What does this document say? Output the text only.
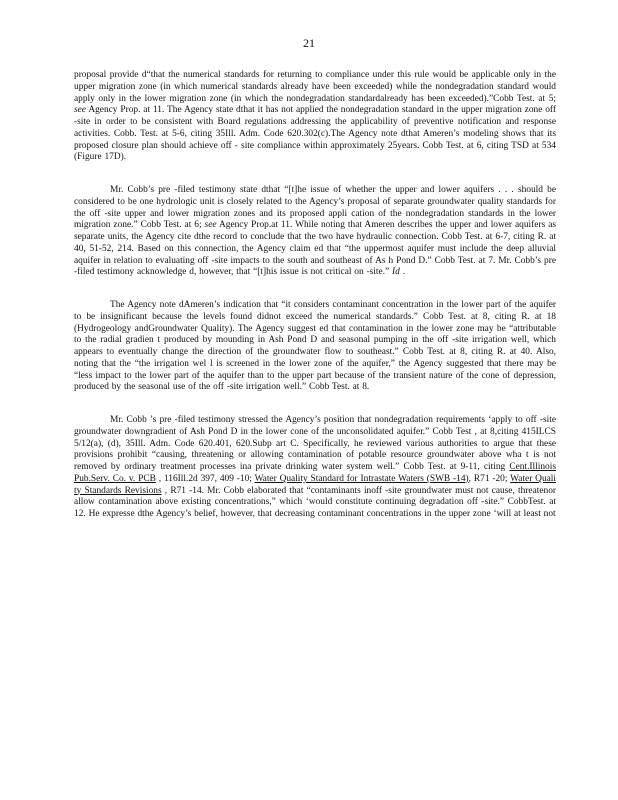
21

proposal provide d“that the numerical standards for returning to compliance under this rule would be applicable only in the upper migration zone (in which numerical standards already have been exceeded) while the nondegradation standard would apply only in the lower migration zone (in which the nondegradation standardalready has been exceeded).”Cobb Test. at 5; see Agency Prop. at 11. The Agency state dthat it has not applied the nondegradation standard in the upper migration zone off -site in order to be consistent with Board regulations addressing the applicability of preventive notification and response activities. Cobb. Test. at 5-6, citing 35Ill. Adm. Code 620.302(c).The Agency note dthat Ameren’s modeling shows that its proposed closure plan should achieve off - site compliance within approximately 25years. Cobb Test. at 6, citing TSD at 534 (Figure 17D).

Mr. Cobb’s pre -filed testimony state dthat “[t]he issue of whether the upper and lower aquifers . . . should be considered to be one hydrologic unit is closely related to the Agency’s proposal of separate groundwater quality standards for the off -site upper and lower migration zones and its proposed appli cation of the nondegradation standards in the lower migration zone.” Cobb Test. at 6; see Agency Prop.at 11. While noting that Ameren describes the upper and lower aquifers as separate units, the Agency cite dthe record to conclude that the two have hydraulic connection. Cobb Test. at 6-7, citing R. at 40, 51-52, 214. Based on this connection, the Agency claim ed that “the uppermost aquifer must include the deep alluvial aquifer in relation to evaluating off -site impacts to the south and southeast of As h Pond D.” Cobb Test. at 7. Mr. Cobb’s pre -filed testimony acknowledge d, however, that “[t]his issue is not critical on -site.” Id .

The Agency note dAmeren’s indication that “it considers contaminant concentration in the lower part of the aquifer to be insignificant because the levels found didnot exceed the numerical standards.” Cobb Test. at 8, citing R. at 18 (Hydrogeology andGroundwater Quality). The Agency suggest ed that contamination in the lower zone may be “attributable to the radial gradien t produced by mounding in Ash Pond D and seasonal pumping in the off -site irrigation well, which appears to eventually change the direction of the groundwater flow to southeast.” Cobb Test. at 8, citing R. at 40. Also, noting that the “the irrigation wel l is screened in the lower zone of the aquifer,” the Agency suggested that there may be “less impact to the lower part of the aquifer than to the upper part because of the transient nature of the cone of depression, produced by the seasonal use of the off -site irrigation well.” Cobb Test. at 8.

Mr. Cobb ’s pre -filed testimony stressed the Agency’s position that nondegradation requirements ‘apply to off -site groundwater downgradient of Ash Pond D in the lower cone of the unconsolidated aquifer.” Cobb Test , at 8,citing 415ILCS 5/12(a), (d), 35Ill. Adm. Code 620.401, 620.Subp art C. Specifically, he reviewed various authorities to argue that these provisions prohibit “causing, threatening or allowing contamination of potable resource groundwater above wha t is not removed by ordinary treatment processes ina private drinking water system well.” Cobb Test. at 9-11, citing Cent.Illinois Pub.Serv. Co. v. PCB , 116Ill.2d 397, 409 -10; Water Quality Standard for Intrastate Waters (SWB -14), R71 -20; Water Quali ty Standards Revisions , R71 -14. Mr. Cobb elaborated that “contaminants inoff -site groundwater must not cause, threatenor allow contamination above existing concentrations,” which ‘would constitute continuing degradation off -site.” CobbTest. at 12. He expresse dthe Agency’s belief, however, that decreasing contaminant concentrations in the upper zone ‘will at least not
